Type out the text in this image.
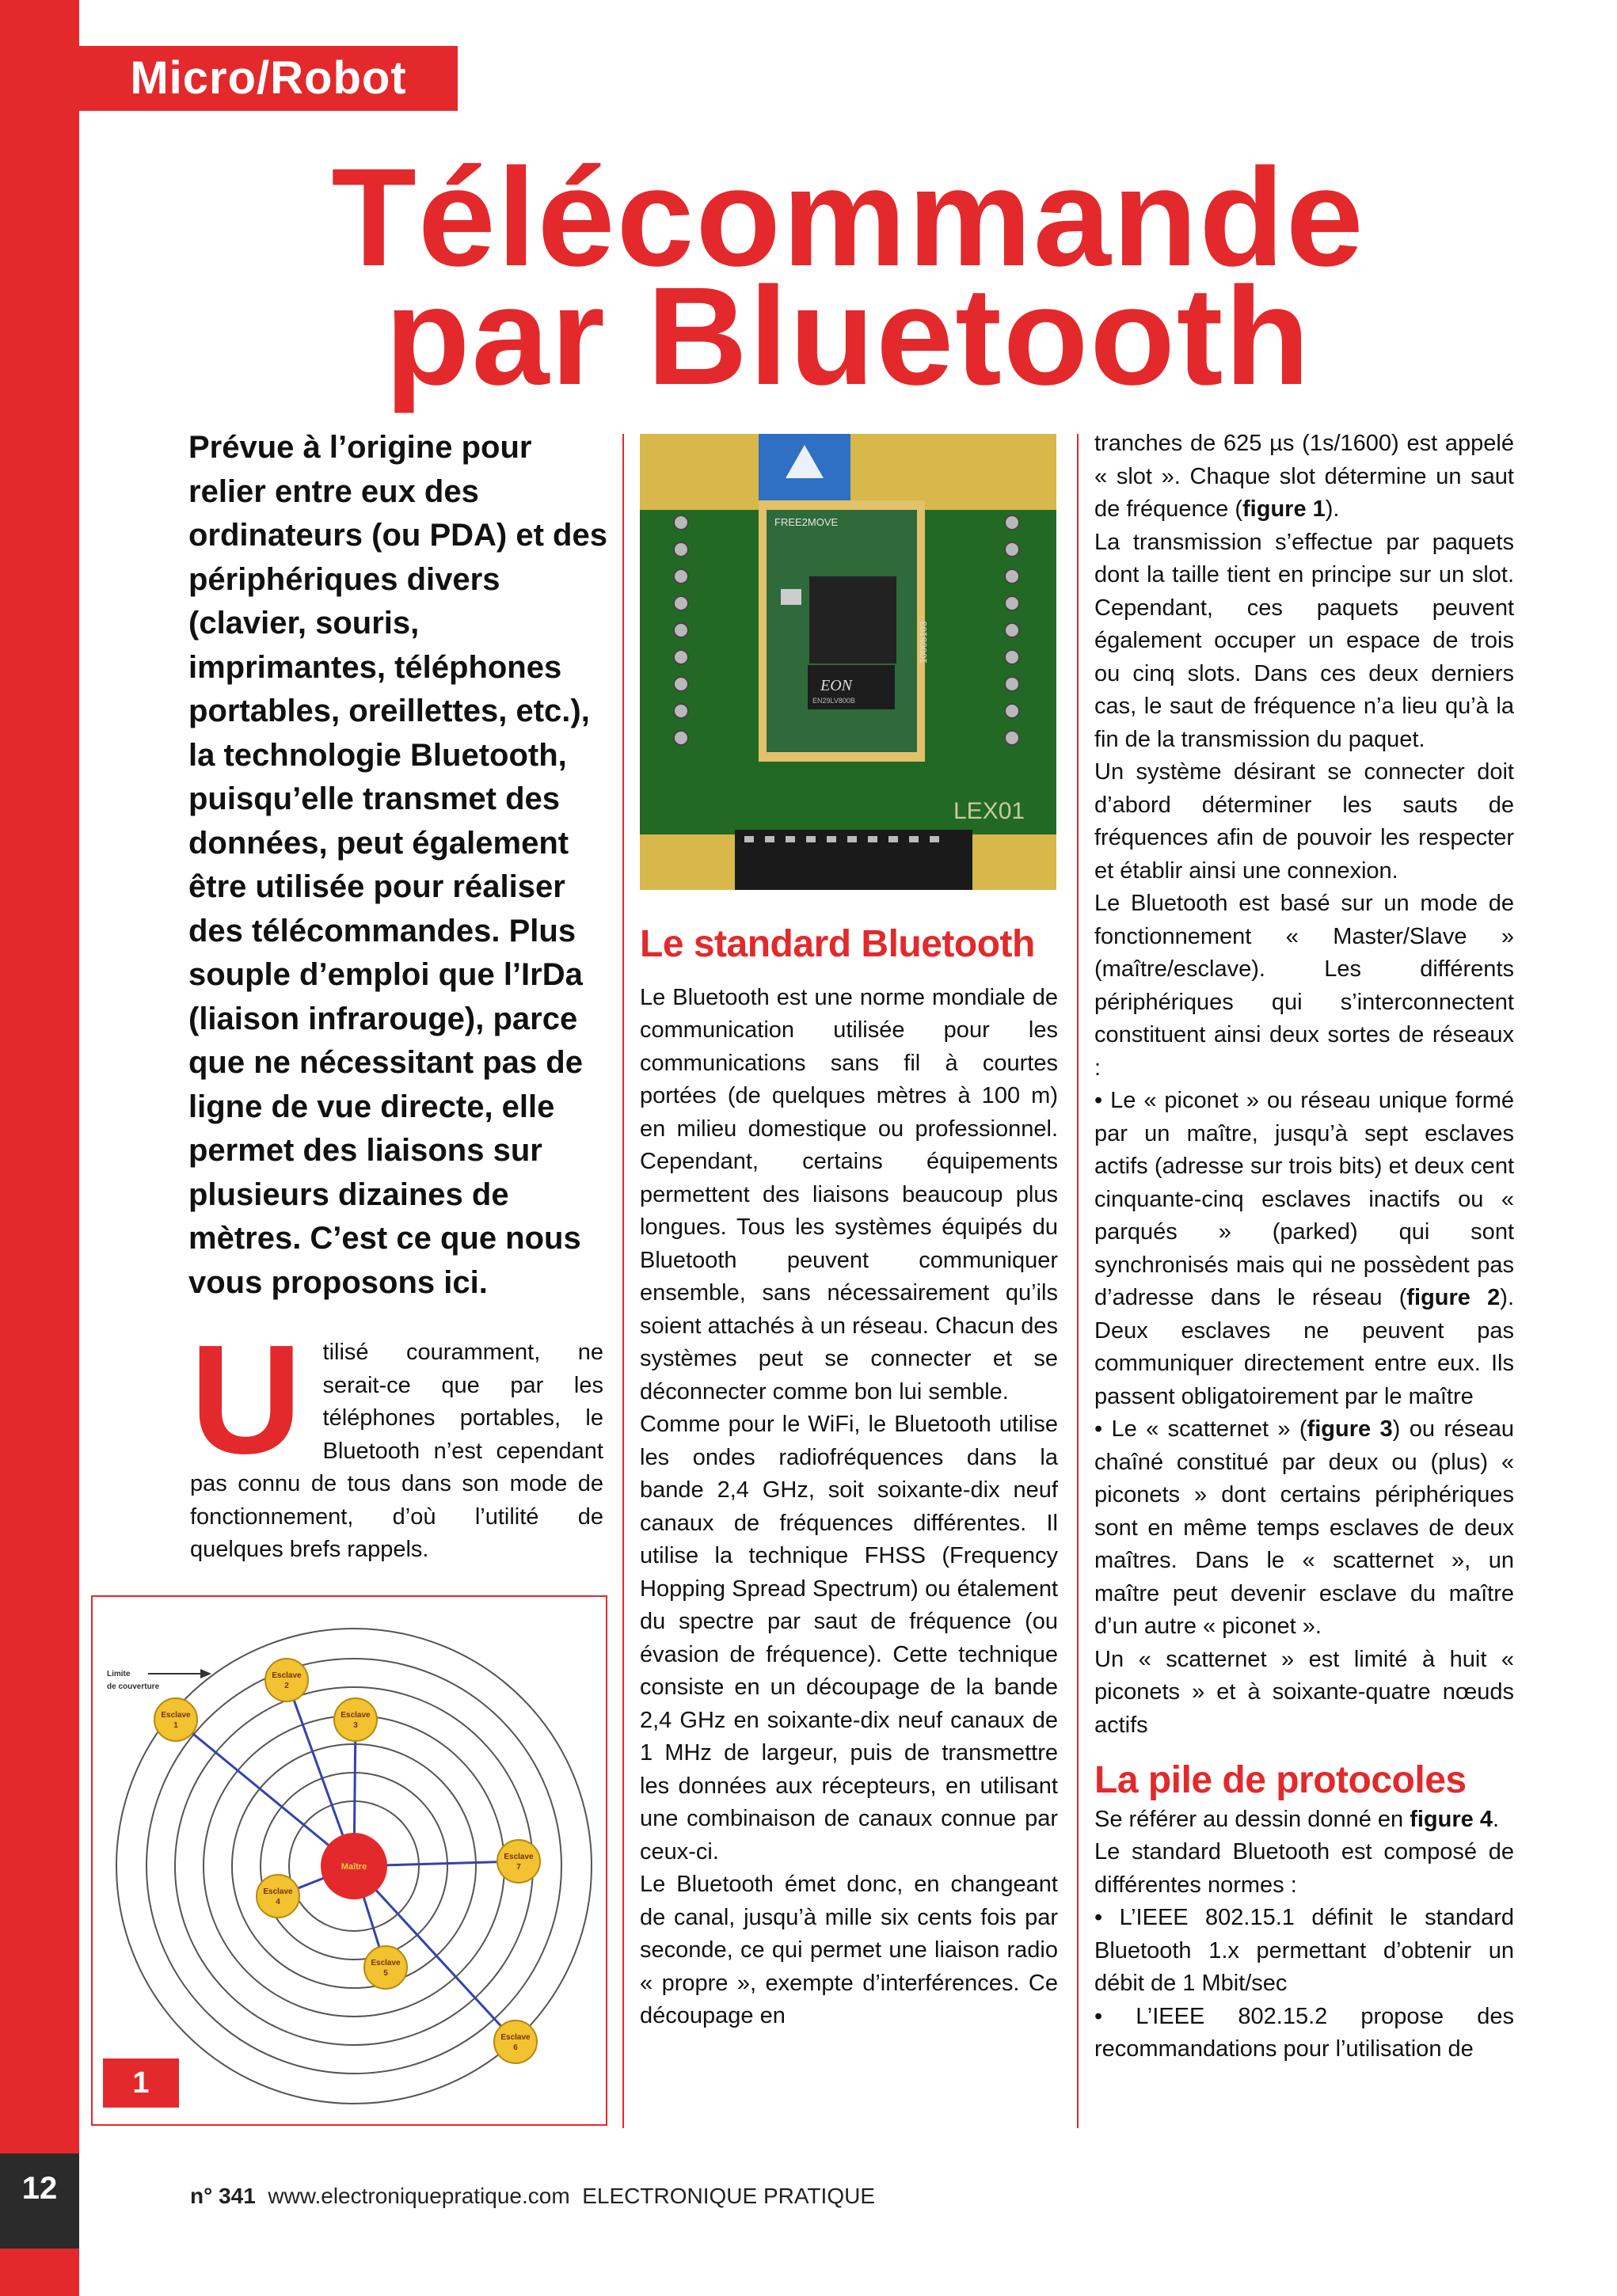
12
Micro/Robot
Télécommande
par Bluetooth
Prévue à l’origine pour relier entre eux des ordinateurs (ou PDA) et des périphériques divers (clavier, souris, imprimantes, téléphones portables, oreillettes, etc.), la technologie Bluetooth, puisqu’elle transmet des données, peut également être utilisée pour réaliser des télécommandes. Plus souple d’emploi que l’IrDa (liaison infrarouge), parce que ne nécessitant pas de ligne de vue directe, elle permet des liaisons sur plusieurs dizaines de mètres. C’est ce que nous vous proposons ici.
U tilisé couramment, ne serait-ce que par les téléphones portables, le Bluetooth n’est cependant pas connu de tous dans son mode de fonctionnement, d’où l’utilité de quelques brefs rappels.
Limite
de couverture
Maître
Esclave
1
Esclave
2
Esclave
3
Esclave
4
Esclave
5
Esclave
6
Esclave
7
1
FREE2MOVE
EON
EN29LV800B
10005103
LEX01
Le standard Bluetooth

Le Bluetooth est une norme mondiale de communication utilisée pour les communications sans fil à courtes portées (de quelques mètres à 100 m) en milieu domestique ou professionnel. Cependant, certains équipements permettent des liaisons beaucoup plus longues. Tous les systèmes équipés du Bluetooth peuvent communiquer ensemble, sans nécessairement qu’ils soient attachés à un réseau. Chacun des systèmes peut se connecter et se déconnecter comme bon lui semble.

Comme pour le WiFi, le Bluetooth utilise les ondes radiofréquences dans la bande 2,4 GHz, soit soixante-dix neuf canaux de fréquences différentes. Il utilise la technique FHSS (Frequency Hopping Spread Spectrum) ou étalement du spectre par saut de fréquence (ou évasion de fréquence). Cette technique consiste en un découpage de la bande 2,4 GHz en soixante-dix neuf canaux de 1 MHz de largeur, puis de transmettre les données aux récepteurs, en utilisant une combinaison de canaux connue par ceux-ci.

Le Bluetooth émet donc, en changeant de canal, jusqu’à mille six cents fois par seconde, ce qui permet une liaison radio « propre », exempte d’interférences. Ce découpage en

tranches de 625 µs (1s/1600) est appelé « slot ». Chaque slot détermine un saut de fréquence (figure 1).

La transmission s’effectue par paquets dont la taille tient en principe sur un slot. Cependant, ces paquets peuvent également occuper un espace de trois ou cinq slots. Dans ces deux derniers cas, le saut de fréquence n’a lieu qu’à la fin de la transmission du paquet.

Un système désirant se connecter doit d’abord déterminer les sauts de fréquences afin de pouvoir les respecter et établir ainsi une connexion.

Le Bluetooth est basé sur un mode de fonctionnement « Master/Slave » (maître/esclave). Les différents périphériques qui s’interconnectent constituent ainsi deux sortes de réseaux :

• Le « piconet » ou réseau unique formé par un maître, jusqu’à sept esclaves actifs (adresse sur trois bits) et deux cent cinquante-cinq esclaves inactifs ou « parqués » (parked) qui sont synchronisés mais qui ne possèdent pas d’adresse dans le réseau (figure 2). Deux esclaves ne peuvent pas communiquer directement entre eux. Ils passent obligatoirement par le maître

• Le « scatternet » (figure 3) ou réseau chaîné constitué par deux ou (plus) « piconets » dont certains périphériques sont en même temps esclaves de deux maîtres. Dans le « scatternet », un maître peut devenir esclave du maître d’un autre « piconet ».

Un « scatternet » est limité à huit « piconets » et à soixante-quatre nœuds actifs

La pile de protocoles

Se référer au dessin donné en figure 4.

Le standard Bluetooth est composé de différentes normes :

• L’IEEE 802.15.1 définit le standard Bluetooth 1.x permettant d’obtenir un débit de 1 Mbit/sec

• L’IEEE 802.15.2 propose des recommandations pour l’utilisation de

n° 341 www.electroniquepratique.com ELECTRONIQUE PRATIQUE
